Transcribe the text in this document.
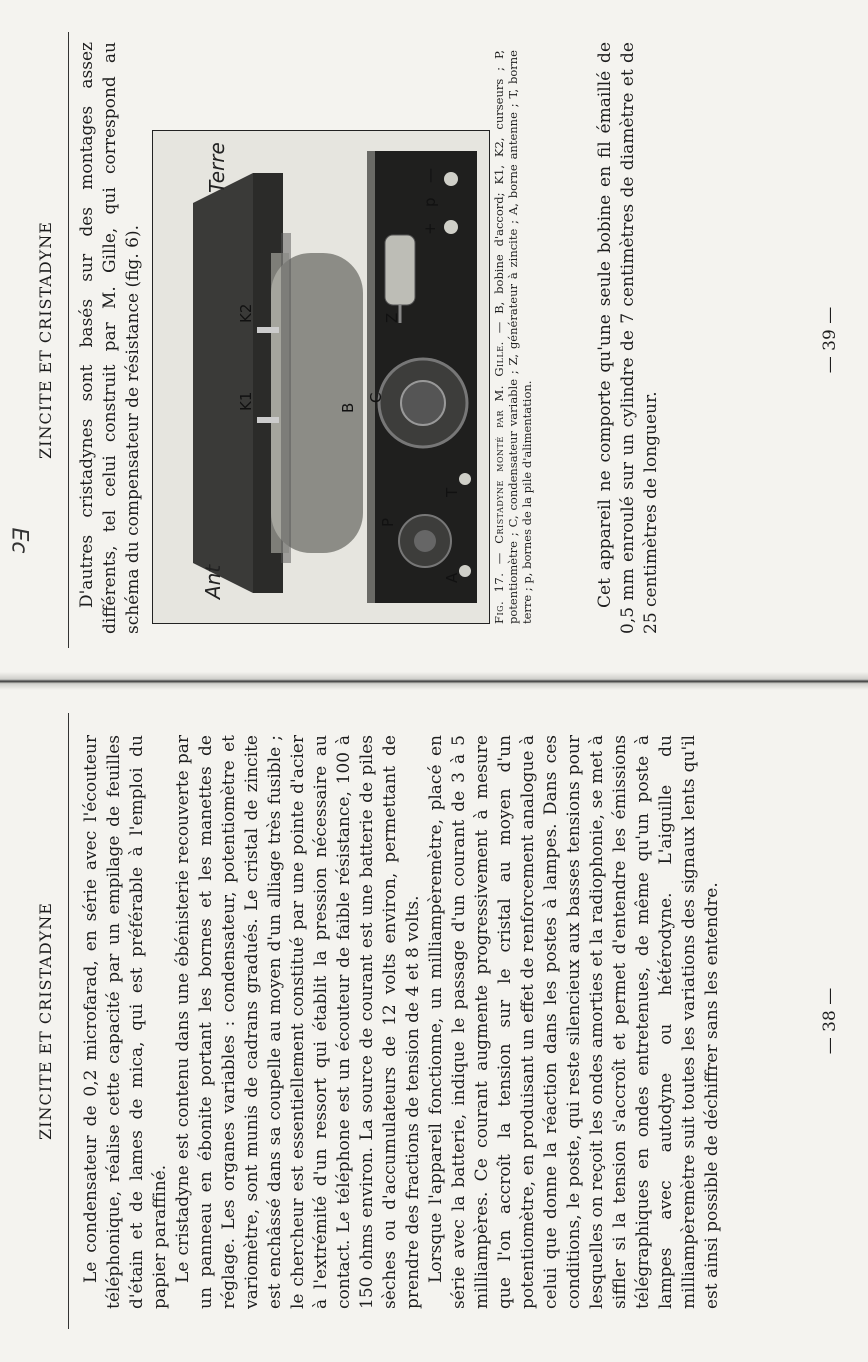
ZINCITE ET CRISTADYNE	D'autres cristadynes sont basés sur des montages assez différents, tel celui construit par M. Gille, qui correspond au schéma du compensateur de résistance (fig. 6).	B
K1
K2
C
Z
P
T
A
+
p
—
Ant
Terre
Fig. 17. — Cristadyne monté par M. Gille. — B, bobine d'accord; K1, K2, curseurs ; P, potentiomètre ; C, condensateur variable ; Z, générateur à zincite ; A, borne antenne ; T, borne terre ; p, bornes de la pile d'alimentation.	Cet appareil ne comporte qu'une seule bobine en fil émaillé de 0,5 mm enroulé sur un cylindre de 7 centimètres de diamètre et de 25 centimètres de longueur.

— 39 —
Ec
ZINCITE ET CRISTADYNE	Le condensateur de 0,2 microfarad, en série avec l'écouteur téléphonique, réalise cette capacité par un empilage de feuilles d'étain et de lames de mica, qui est préférable à l'emploi du papier paraffiné. Le cristadyne est contenu dans une ébénisterie recouverte par un panneau en ébonite portant les bornes et les manettes de réglage. Les organes variables : condensateur, potentiomètre et variomètre, sont munis de cadrans gradués. Le cristal de zincite est enchâssé dans sa coupelle au moyen d'un alliage très fusible ; le chercheur est essentiellement constitué par une pointe d'acier à l'extrémité d'un ressort qui établit la pression nécessaire au contact. Le téléphone est un écouteur de faible résistance, 100 à 150 ohms environ. La source de courant est une batterie de piles sèches ou d'accumulateurs de 12 volts environ, permettant de prendre des fractions de tension de 4 et 8 volts. Lorsque l'appareil fonctionne, un milliampèremètre, placé en série avec la batterie, indique le passage d'un courant de 3 à 5 milliampères. Ce courant augmente progressivement à mesure que l'on accroît la tension sur le cristal au moyen d'un potentiomètre, en produisant un effet de renforcement analogue à celui que donne la réaction dans les postes à lampes. Dans ces conditions, le poste, qui reste silencieux aux basses tensions pour lesquelles on reçoit les ondes amorties et la radiophonie, se met à siffler si la tension s'accroît et permet d'entendre les émissions télégraphiques en ondes entretenues, de même qu'un poste à lampes avec autodyne ou hétérodyne. L'aiguille du milliampèremètre suit toutes les variations des signaux lents qu'il est ainsi possible de déchiffrer sans les entendre.	— 38 —
